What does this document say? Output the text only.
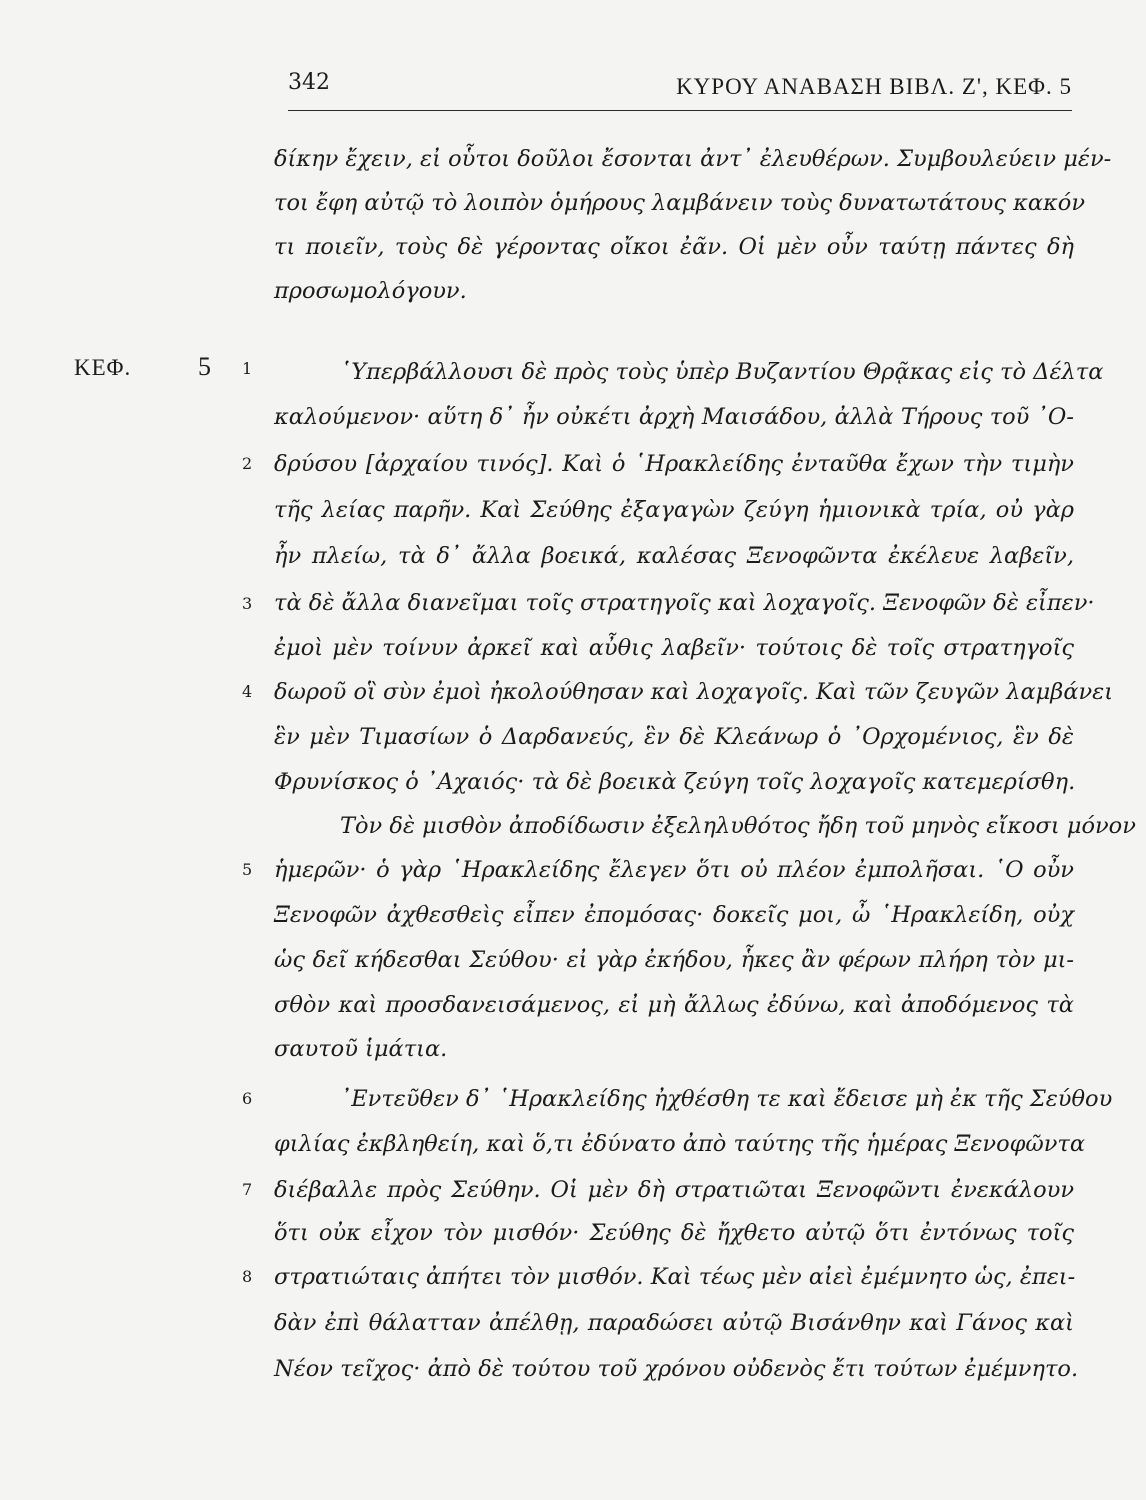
342	ΚΥΡΟΥ ΑΝΑΒΑΣΗ ΒΙΒΛ. Ζ', ΚΕΦ. 5
ΚΕΦ.	5 1
2
3
4
5
6
7
8
δίκην ἔχειν, εἰ οὗτοι δοῦλοι ἔσονται ἀντ᾽ ἐλευθέρων. Συμβουλεύειν μέν-
τοι ἔφη αὐτῷ τὸ λοιπὸν ὁμήρους λαμβάνειν τοὺς δυνατωτάτους κακόν
τι ποιεῖν, τοὺς δὲ γέροντας οἴκοι ἐᾶν. Οἱ μὲν οὖν ταύτῃ πάντες δὴ
προσωμολόγουν.
῾Υπερβάλλουσι δὲ πρὸς τοὺς ὑπὲρ Βυζαντίου Θρᾷκας εἰς τὸ Δέλτα
καλούμενον· αὕτη δ᾽ ἦν οὐκέτι ἀρχὴ Μαισάδου, ἀλλὰ Τήρους τοῦ ᾿Ο-
δρύσου [ἀρχαίου τινός]. Καὶ ὁ ῾Ηρακλείδης ἐνταῦθα ἔχων τὴν τιμὴν
τῆς λείας παρῆν. Καὶ Σεύθης ἐξαγαγὼν ζεύγη ἡμιονικὰ τρία, οὐ γὰρ
ἦν πλείω, τὰ δ᾽ ἄλλα βοεικά, καλέσας Ξενοφῶντα ἐκέλευε λαβεῖν,
τὰ δὲ ἄλλα διανεῖμαι τοῖς στρατηγοῖς καὶ λοχαγοῖς. Ξενοφῶν δὲ εἶπεν·
ἐμοὶ μὲν τοίνυν ἀρκεῖ καὶ αὖθις λαβεῖν· τούτοις δὲ τοῖς στρατηγοῖς
δωροῦ οἳ σὺν ἐμοὶ ἠκολούθησαν καὶ λοχαγοῖς. Καὶ τῶν ζευγῶν λαμβάνει
ἓν μὲν Τιμασίων ὁ Δαρδανεύς, ἓν δὲ Κλεάνωρ ὁ ᾿Ορχομένιος, ἓν δὲ
Φρυνίσκος ὁ ᾿Αχαιός· τὰ δὲ βοεικὰ ζεύγη τοῖς λοχαγοῖς κατεμερίσθη.
Τὸν δὲ μισθὸν ἀποδίδωσιν ἐξεληλυθότος ἤδη τοῦ μηνὸς εἴκοσι μόνον
ἡμερῶν· ὁ γὰρ ῾Ηρακλείδης ἔλεγεν ὅτι οὐ πλέον ἐμπολῆσαι. ῾Ο οὖν
Ξενοφῶν ἀχθεσθεὶς εἶπεν ἐπομόσας· δοκεῖς μοι, ὦ ῾Ηρακλείδη, οὐχ
ὡς δεῖ κήδεσθαι Σεύθου· εἰ γὰρ ἐκήδου, ἧκες ἂν φέρων πλήρη τὸν μι-
σθὸν καὶ προσδανεισάμενος, εἰ μὴ ἄλλως ἐδύνω, καὶ ἀποδόμενος τὰ
σαυτοῦ ἱμάτια.
᾿Εντεῦθεν δ᾽ ῾Ηρακλείδης ἠχθέσθη τε καὶ ἔδεισε μὴ ἐκ τῆς Σεύθου
φιλίας ἐκβληθείη, καὶ ὅ,τι ἐδύνατο ἀπὸ ταύτης τῆς ἡμέρας Ξενοφῶντα
διέβαλλε πρὸς Σεύθην. Οἱ μὲν δὴ στρατιῶται Ξενοφῶντι ἐνεκάλουν
ὅτι οὐκ εἶχον τὸν μισθόν· Σεύθης δὲ ἤχθετο αὐτῷ ὅτι ἐντόνως τοῖς
στρατιώταις ἀπήτει τὸν μισθόν. Καὶ τέως μὲν αἰεὶ ἐμέμνητο ὡς, ἐπει-
δὰν ἐπὶ θάλατταν ἀπέλθῃ, παραδώσει αὐτῷ Βισάνθην καὶ Γάνος καὶ
Νέον τεῖχος· ἀπὸ δὲ τούτου τοῦ χρόνου οὐδενὸς ἔτι τούτων ἐμέμνητο.
